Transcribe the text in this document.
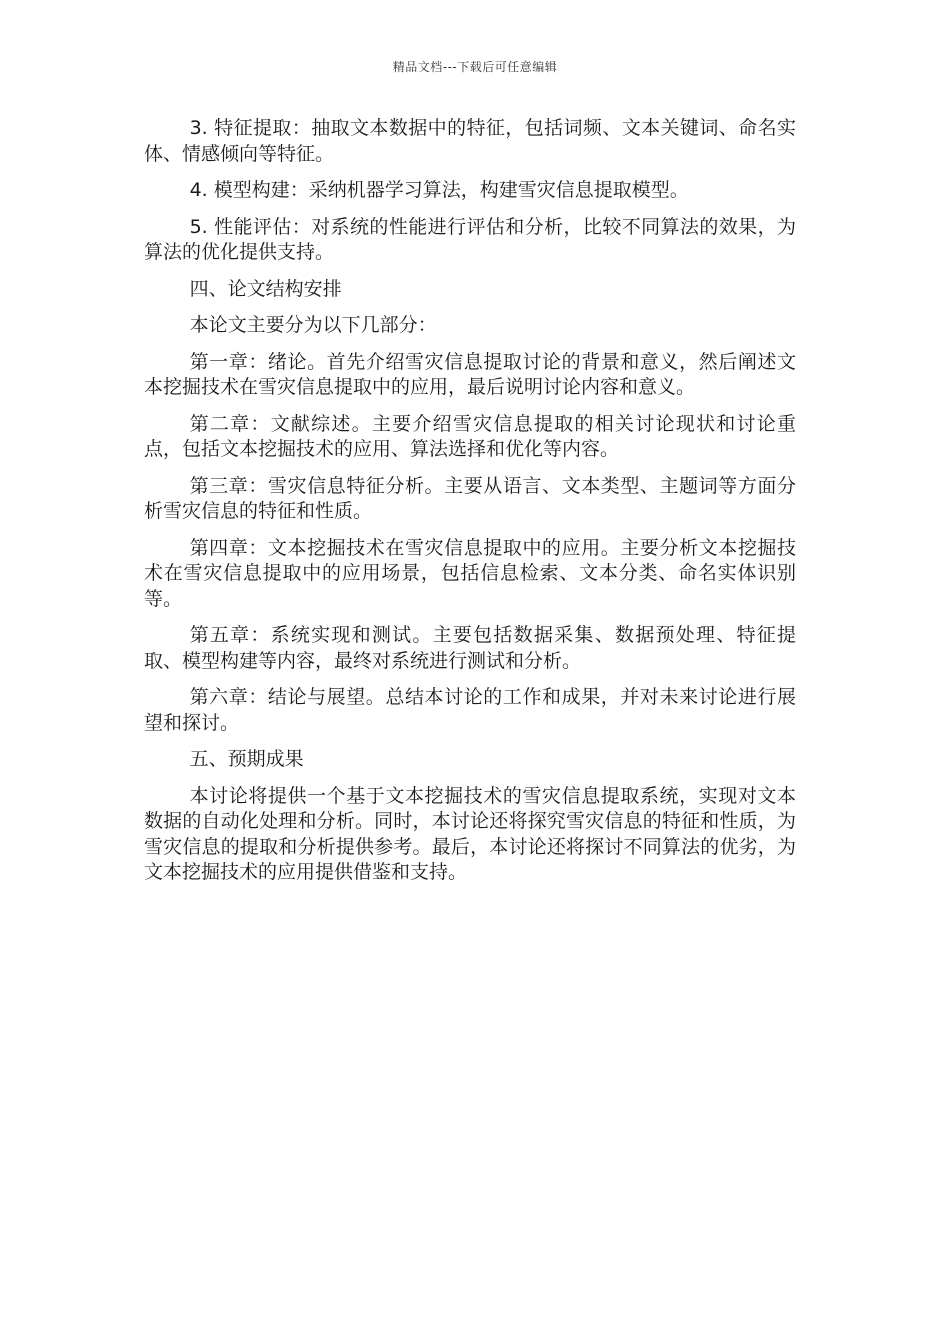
精品文档---下载后可任意编辑

3. 特征提取：抽取文本数据中的特征，包括词频、文本关键词、命名实体、情感倾向等特征。

4. 模型构建：采纳机器学习算法，构建雪灾信息提取模型。

5. 性能评估：对系统的性能进行评估和分析，比较不同算法的效果，为算法的优化提供支持。

四、论文结构安排

本论文主要分为以下几部分：

第一章：绪论。首先介绍雪灾信息提取讨论的背景和意义，然后阐述文本挖掘技术在雪灾信息提取中的应用，最后说明讨论内容和意义。

第二章：文献综述。主要介绍雪灾信息提取的相关讨论现状和讨论重点，包括文本挖掘技术的应用、算法选择和优化等内容。

第三章：雪灾信息特征分析。主要从语言、文本类型、主题词等方面分析雪灾信息的特征和性质。

第四章：文本挖掘技术在雪灾信息提取中的应用。主要分析文本挖掘技术在雪灾信息提取中的应用场景，包括信息检索、文本分类、命名实体识别等。

第五章：系统实现和测试。主要包括数据采集、数据预处理、特征提取、模型构建等内容，最终对系统进行测试和分析。

第六章：结论与展望。总结本讨论的工作和成果，并对未来讨论进行展望和探讨。

五、预期成果

本讨论将提供一个基于文本挖掘技术的雪灾信息提取系统，实现对文本数据的自动化处理和分析。同时，本讨论还将探究雪灾信息的特征和性质，为雪灾信息的提取和分析提供参考。最后，本讨论还将探讨不同算法的优劣，为文本挖掘技术的应用提供借鉴和支持。
